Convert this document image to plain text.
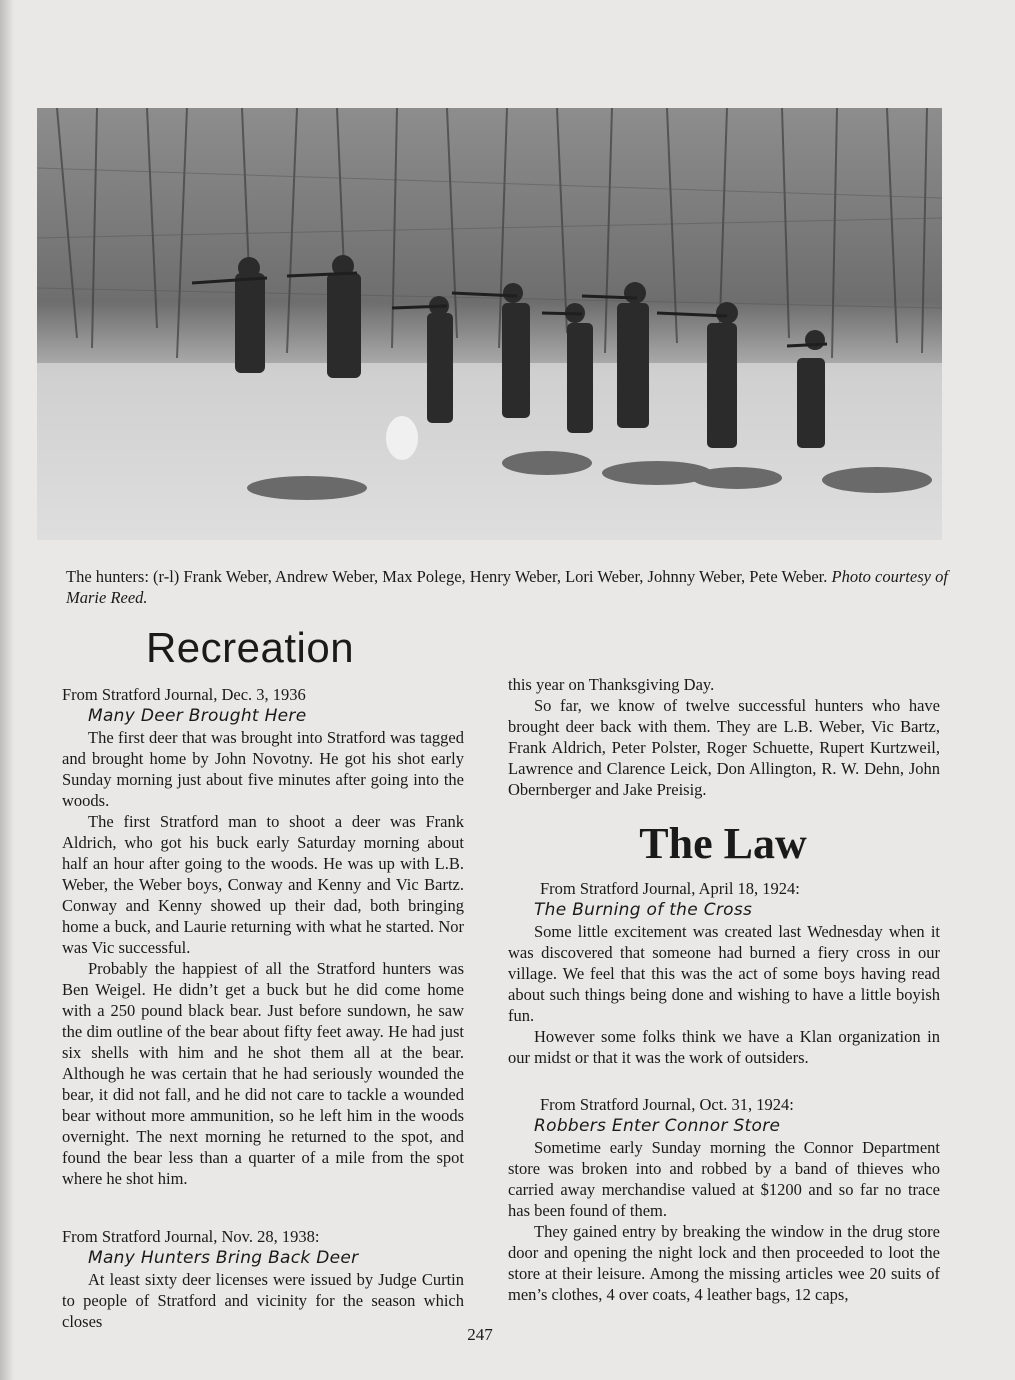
The hunters: (r-l) Frank Weber, Andrew Weber, Max Polege, Henry Weber, Lori Weber, Johnny Weber, Pete Weber. Photo courtesy of Marie Reed.
Recreation

From Stratford Journal, Dec. 3, 1936

Many Deer Brought Here

The first deer that was brought into Stratford was tagged and brought home by John Novotny. He got his shot early Sunday morning just about five minutes after going into the woods.

The first Stratford man to shoot a deer was Frank Aldrich, who got his buck early Saturday morning about half an hour after going to the woods. He was up with L.B. Weber, the Weber boys, Conway and Kenny and Vic Bartz. Conway and Kenny showed up their dad, both bringing home a buck, and Laurie returning with what he started. Nor was Vic successful.

Probably the happiest of all the Stratford hunters was Ben Weigel. He didn’t get a buck but he did come home with a 250 pound black bear. Just before sundown, he saw the dim outline of the bear about fifty feet away. He had just six shells with him and he shot them all at the bear. Although he was certain that he had seriously wounded the bear, it did not fall, and he did not care to tackle a wounded bear without more ammunition, so he left him in the woods overnight. The next morning he returned to the spot, and found the bear less than a quarter of a mile from the spot where he shot him.

From Stratford Journal, Nov. 28, 1938:

Many Hunters Bring Back Deer

At least sixty deer licenses were issued by Judge Curtin to people of Stratford and vicinity for the season which closes

this year on Thanksgiving Day.

So far, we know of twelve successful hunters who have brought deer back with them. They are L.B. Weber, Vic Bartz, Frank Aldrich, Peter Polster, Roger Schuette, Rupert Kurtzweil, Lawrence and Clarence Leick, Don Allington, R. W. Dehn, John Obernberger and Jake Preisig.

The Law

From Stratford Journal, April 18, 1924:

The Burning of the Cross

Some little excitement was created last Wednesday when it was discovered that someone had burned a fiery cross in our village. We feel that this was the act of some boys having read about such things being done and wishing to have a little boyish fun.

However some folks think we have a Klan organization in our midst or that it was the work of outsiders.

From Stratford Journal, Oct. 31, 1924:

Robbers Enter Connor Store

Sometime early Sunday morning the Connor Department store was broken into and robbed by a band of thieves who carried away merchandise valued at $1200 and so far no trace has been found of them.

They gained entry by breaking the window in the drug store door and opening the night lock and then proceeded to loot the store at their leisure. Among the missing articles wee 20 suits of men’s clothes, 4 over coats, 4 leather bags, 12 caps,

247
